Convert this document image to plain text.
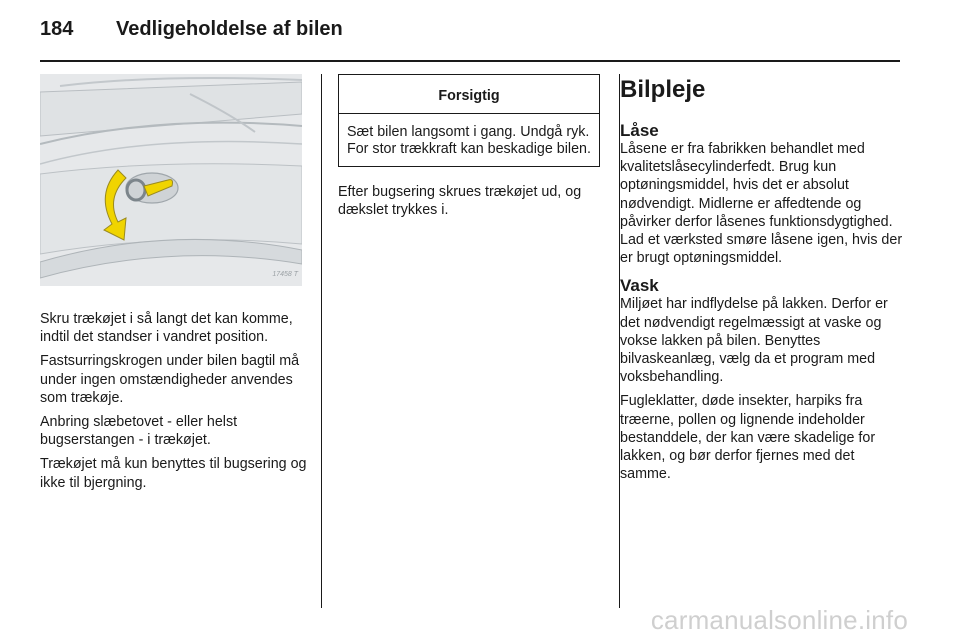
184	Vedligeholdelse af bilen
17458 T

Skru trækøjet i så langt det kan komme, indtil det standser i vandret position.

Fastsurringskrogen under bilen bagtil må under ingen omstændigheder anvendes som trækøje.

Anbring slæbetovet - eller helst bugserstangen - i trækøjet.

Trækøjet må kun benyttes til bugsering og ikke til bjergning.

Forsigtig
Sæt bilen langsomt i gang. Undgå ryk. For stor trækkraft kan beskadige bilen.

Efter bugsering skrues trækøjet ud, og dækslet trykkes i.

Bilpleje
Låse

Låsene er fra fabrikken behandlet med kvalitetslåsecylinderfedt. Brug kun optøningsmiddel, hvis det er absolut nødvendigt. Midlerne er affedtende og påvirker derfor låsenes funktionsdygtighed. Lad et værksted smøre låsene igen, hvis der er brugt optøningsmiddel.

Vask

Miljøet har indflydelse på lakken. Derfor er det nødvendigt regelmæssigt at vaske og vokse lakken på bilen. Benyttes bilvaskeanlæg, vælg da et program med voksbehandling.

Fugleklatter, døde insekter, harpiks fra træerne, pollen og lignende indeholder bestanddele, der kan være skadelige for lakken, og bør derfor fjernes med det samme.

carmanualsonline.info
